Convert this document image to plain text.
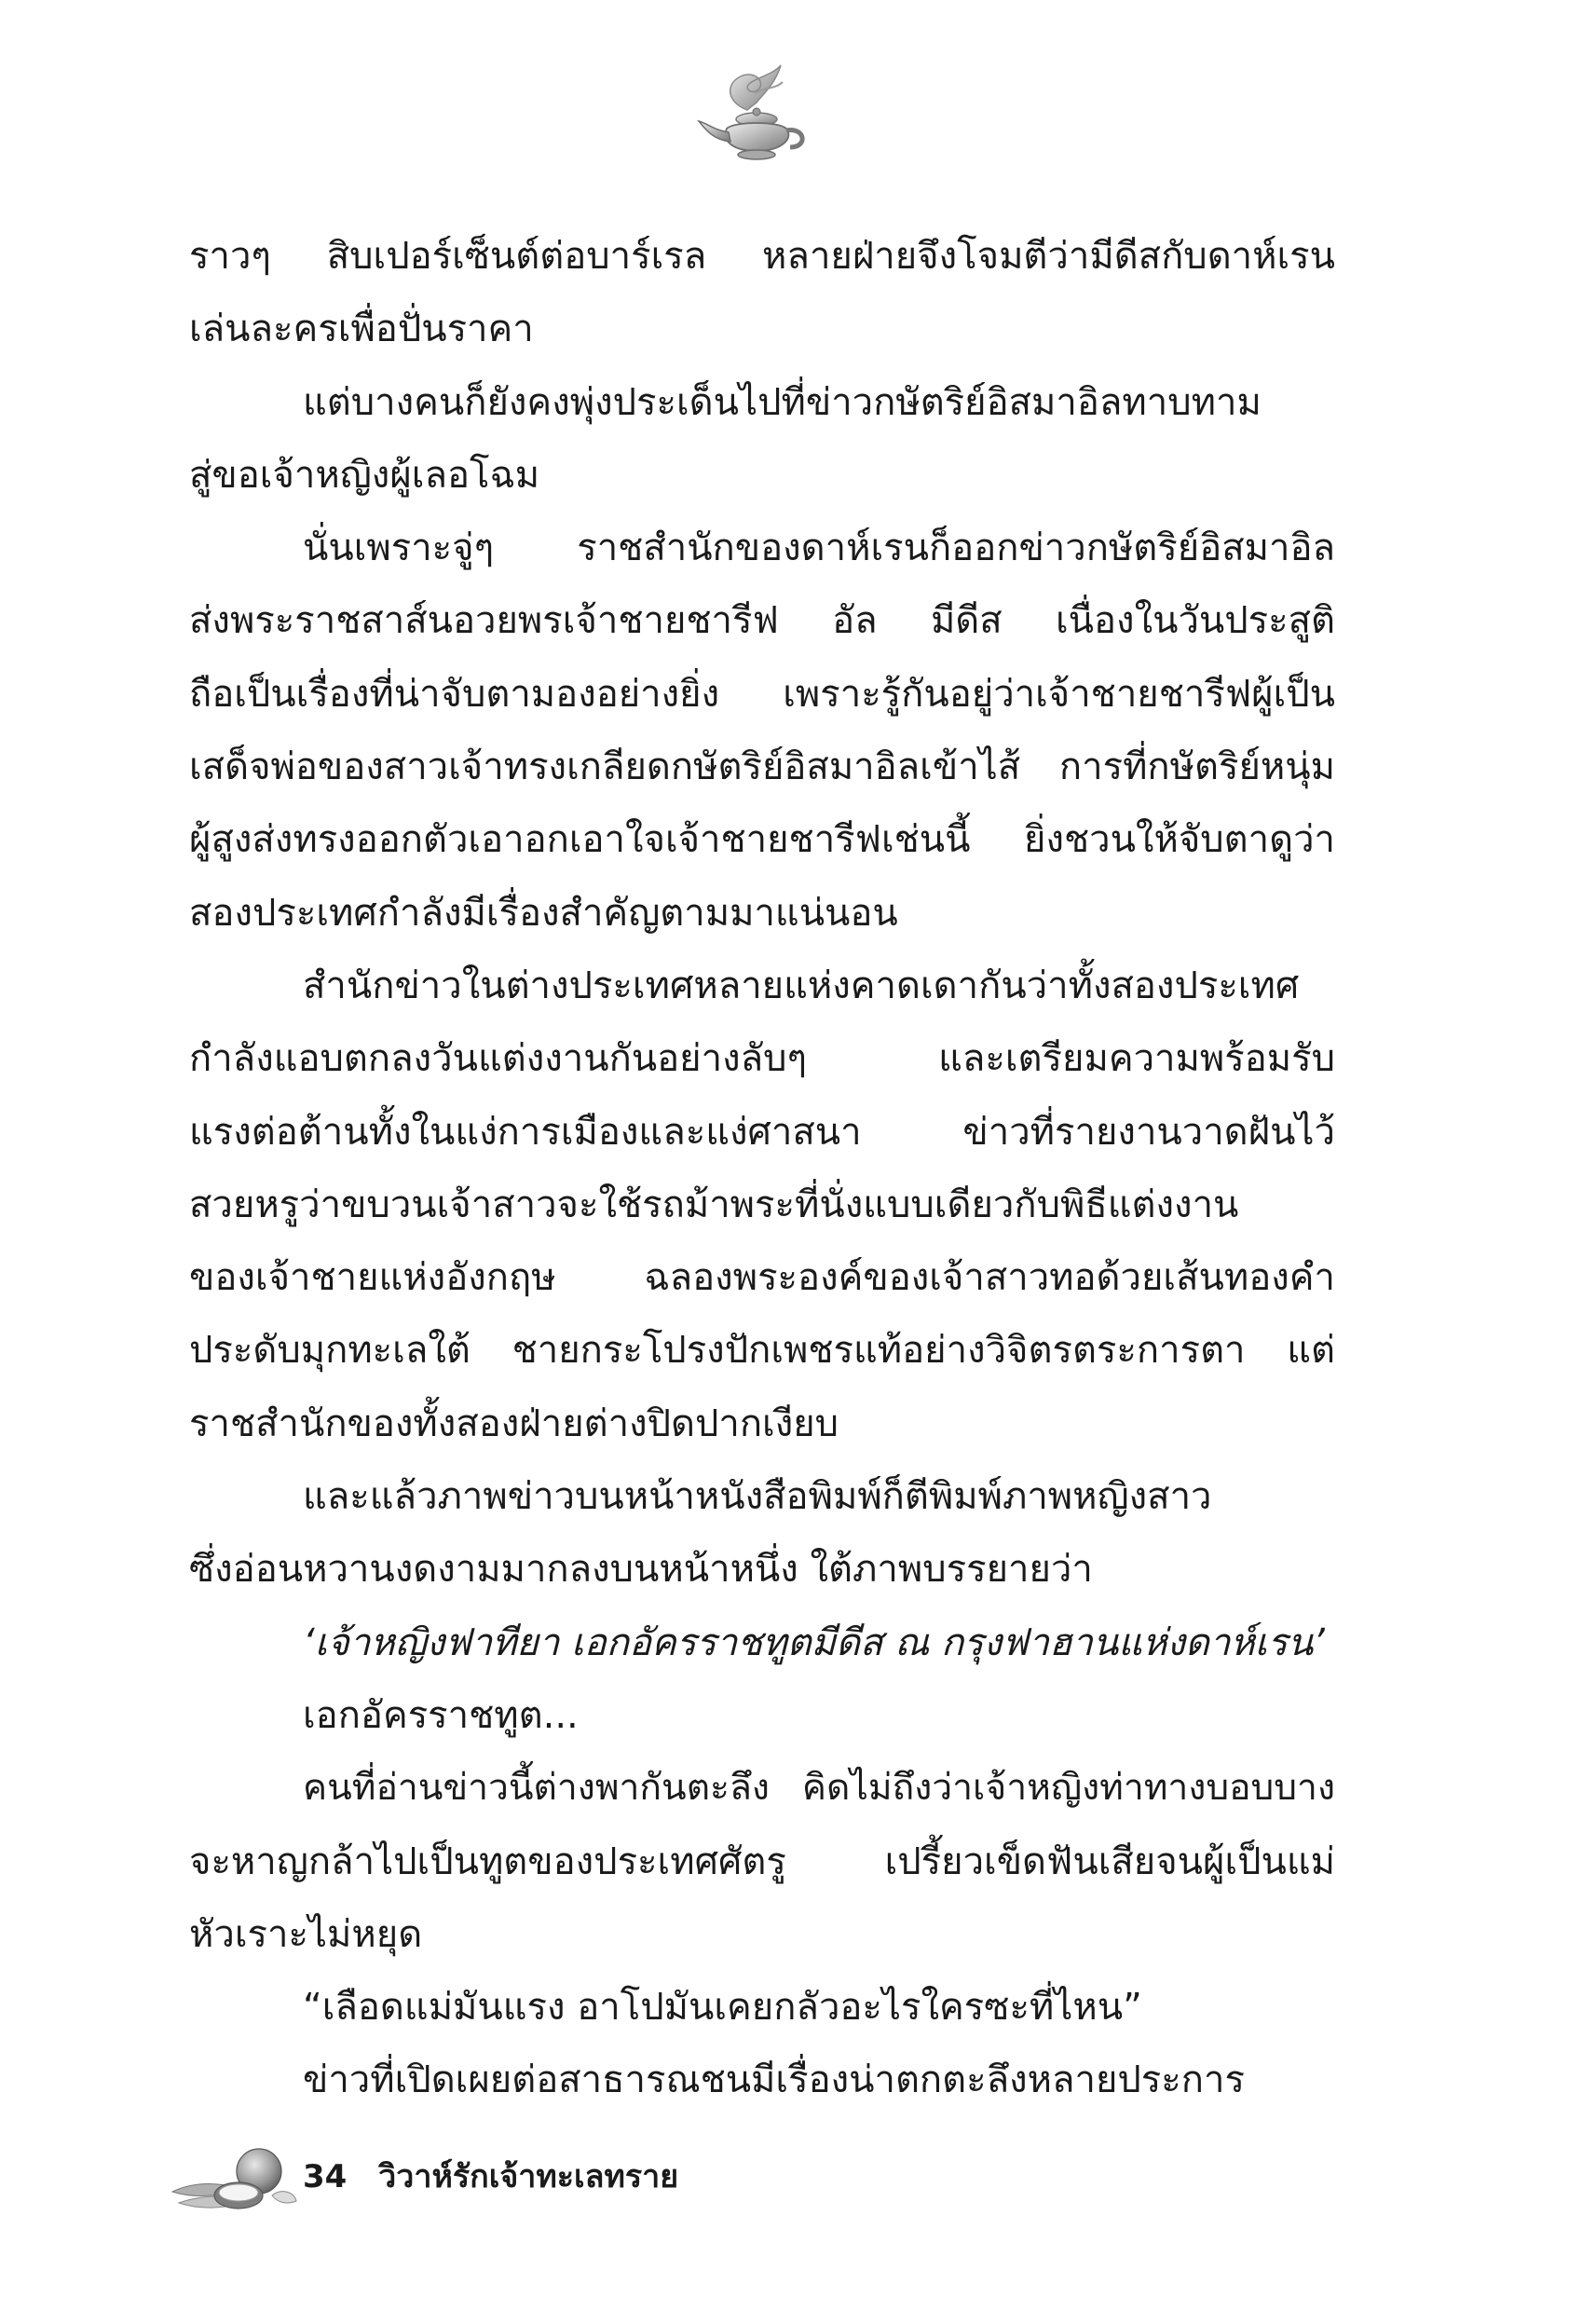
ราวๆ สิบเปอร์เซ็นต์ต่อบาร์เรล หลายฝ่ายจึงโจมตีว่ามีดีสกับดาห์เรน
เล่นละครเพื่อปั่นราคา
แต่บางคนก็ยังคงพุ่งประเด็นไปที่ข่าวกษัตริย์อิสมาอิลทาบทาม
สู่ขอเจ้าหญิงผู้เลอโฉม
นั่นเพราะจู่ๆ ราชสำนักของดาห์เรนก็ออกข่าวกษัตริย์อิสมาอิล
ส่งพระราชสาส์นอวยพรเจ้าชายชารีฟ อัล มีดีส เนื่องในวันประสูติ
ถือเป็นเรื่องที่น่าจับตามองอย่างยิ่ง เพราะรู้กันอยู่ว่าเจ้าชายชารีฟผู้เป็น
เสด็จพ่อของสาวเจ้าทรงเกลียดกษัตริย์อิสมาอิลเข้าไส้ การที่กษัตริย์หนุ่ม
ผู้สูงส่งทรงออกตัวเอาอกเอาใจเจ้าชายชารีฟเช่นนี้ ยิ่งชวนให้จับตาดูว่า
สองประเทศกำลังมีเรื่องสำคัญตามมาแน่นอน
สำนักข่าวในต่างประเทศหลายแห่งคาดเดากันว่าทั้งสองประเทศ
กำลังแอบตกลงวันแต่งงานกันอย่างลับๆ และเตรียมความพร้อมรับ
แรงต่อต้านทั้งในแง่การเมืองและแง่ศาสนา ข่าวที่รายงานวาดฝันไว้
สวยหรูว่าขบวนเจ้าสาวจะใช้รถม้าพระที่นั่งแบบเดียวกับพิธีแต่งงาน
ของเจ้าชายแห่งอังกฤษ ฉลองพระองค์ของเจ้าสาวทอด้วยเส้นทองคำ
ประดับมุกทะเลใต้ ชายกระโปรงปักเพชรแท้อย่างวิจิตรตระการตา แต่
ราชสำนักของทั้งสองฝ่ายต่างปิดปากเงียบ
และแล้วภาพข่าวบนหน้าหนังสือพิมพ์ก็ตีพิมพ์ภาพหญิงสาว
ซึ่งอ่อนหวานงดงามมากลงบนหน้าหนึ่ง ใต้ภาพบรรยายว่า
‘เจ้าหญิงฟาทียา เอกอัครราชทูตมีดีส ณ กรุงฟาฮานแห่งดาห์เรน’
เอกอัครราชทูต...
คนที่อ่านข่าวนี้ต่างพากันตะลึง คิดไม่ถึงว่าเจ้าหญิงท่าทางบอบบาง
จะหาญกล้าไปเป็นทูตของประเทศศัตรู เปรี้ยวเข็ดฟันเสียจนผู้เป็นแม่
หัวเราะไม่หยุด
“เลือดแม่มันแรง อาโปมันเคยกลัวอะไรใครซะที่ไหน”
ข่าวที่เปิดเผยต่อสาธารณชนมีเรื่องน่าตกตะลึงหลายประการ
34 วิวาห์รักเจ้าทะเลทราย
